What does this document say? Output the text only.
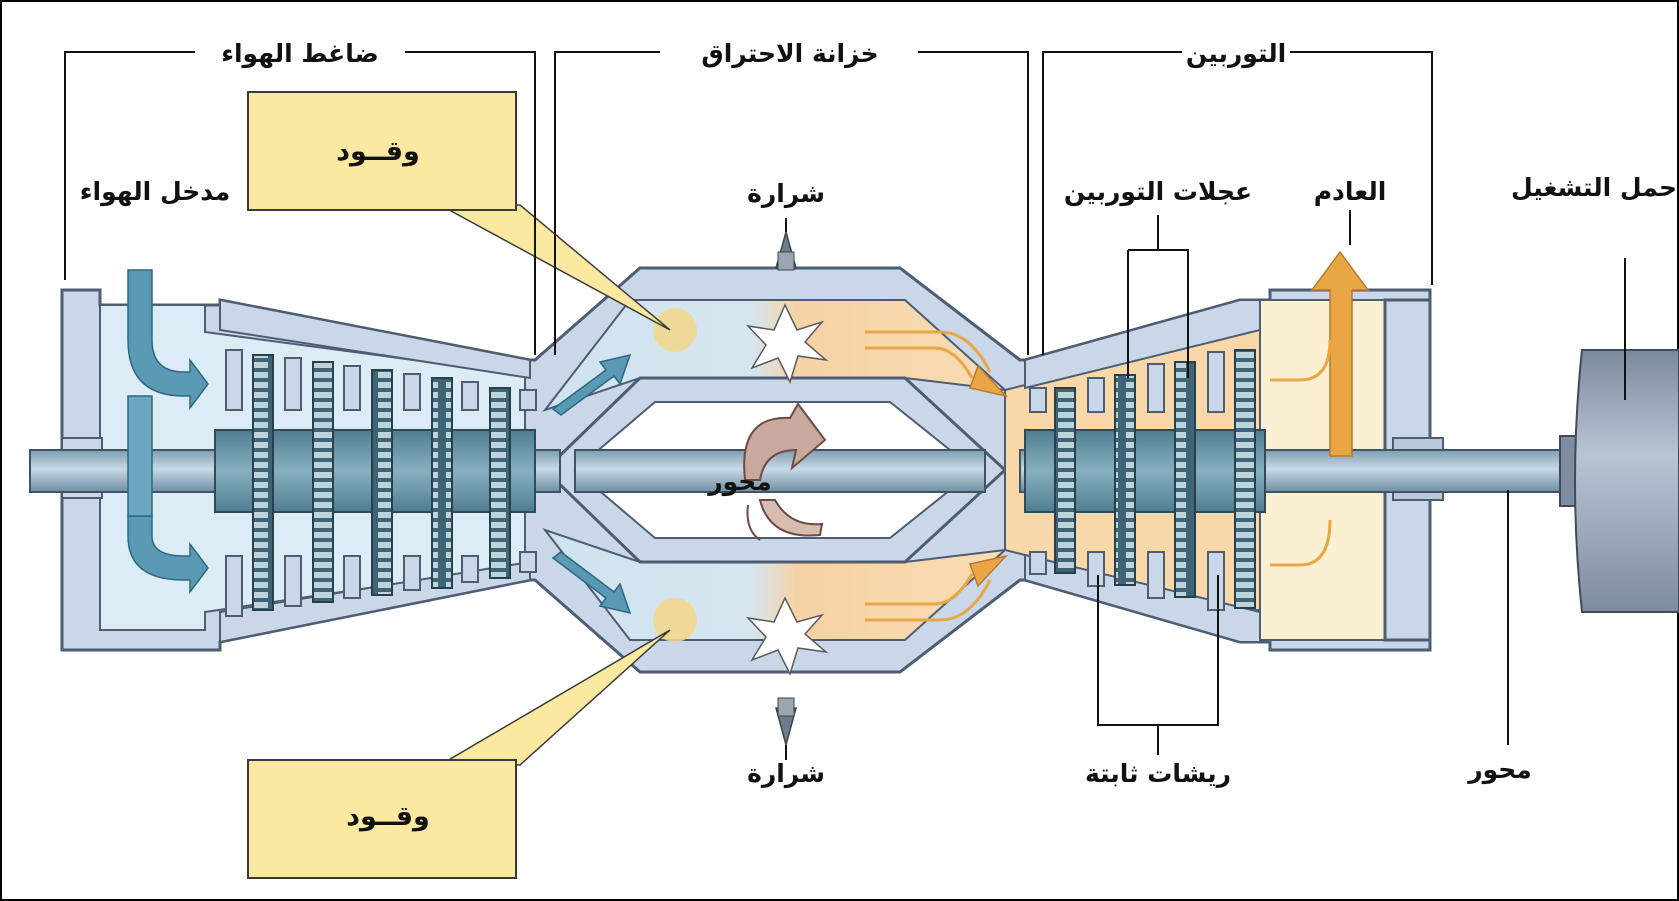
ضاغط الهواء	خزانة الاحتراق	التوربين
مدخل الهواء
وقــود
وقــود
شرارة
شرارة
محور
عجلات التوربين العادم	حمل التشغيل
ريشات ثابتة	محور
